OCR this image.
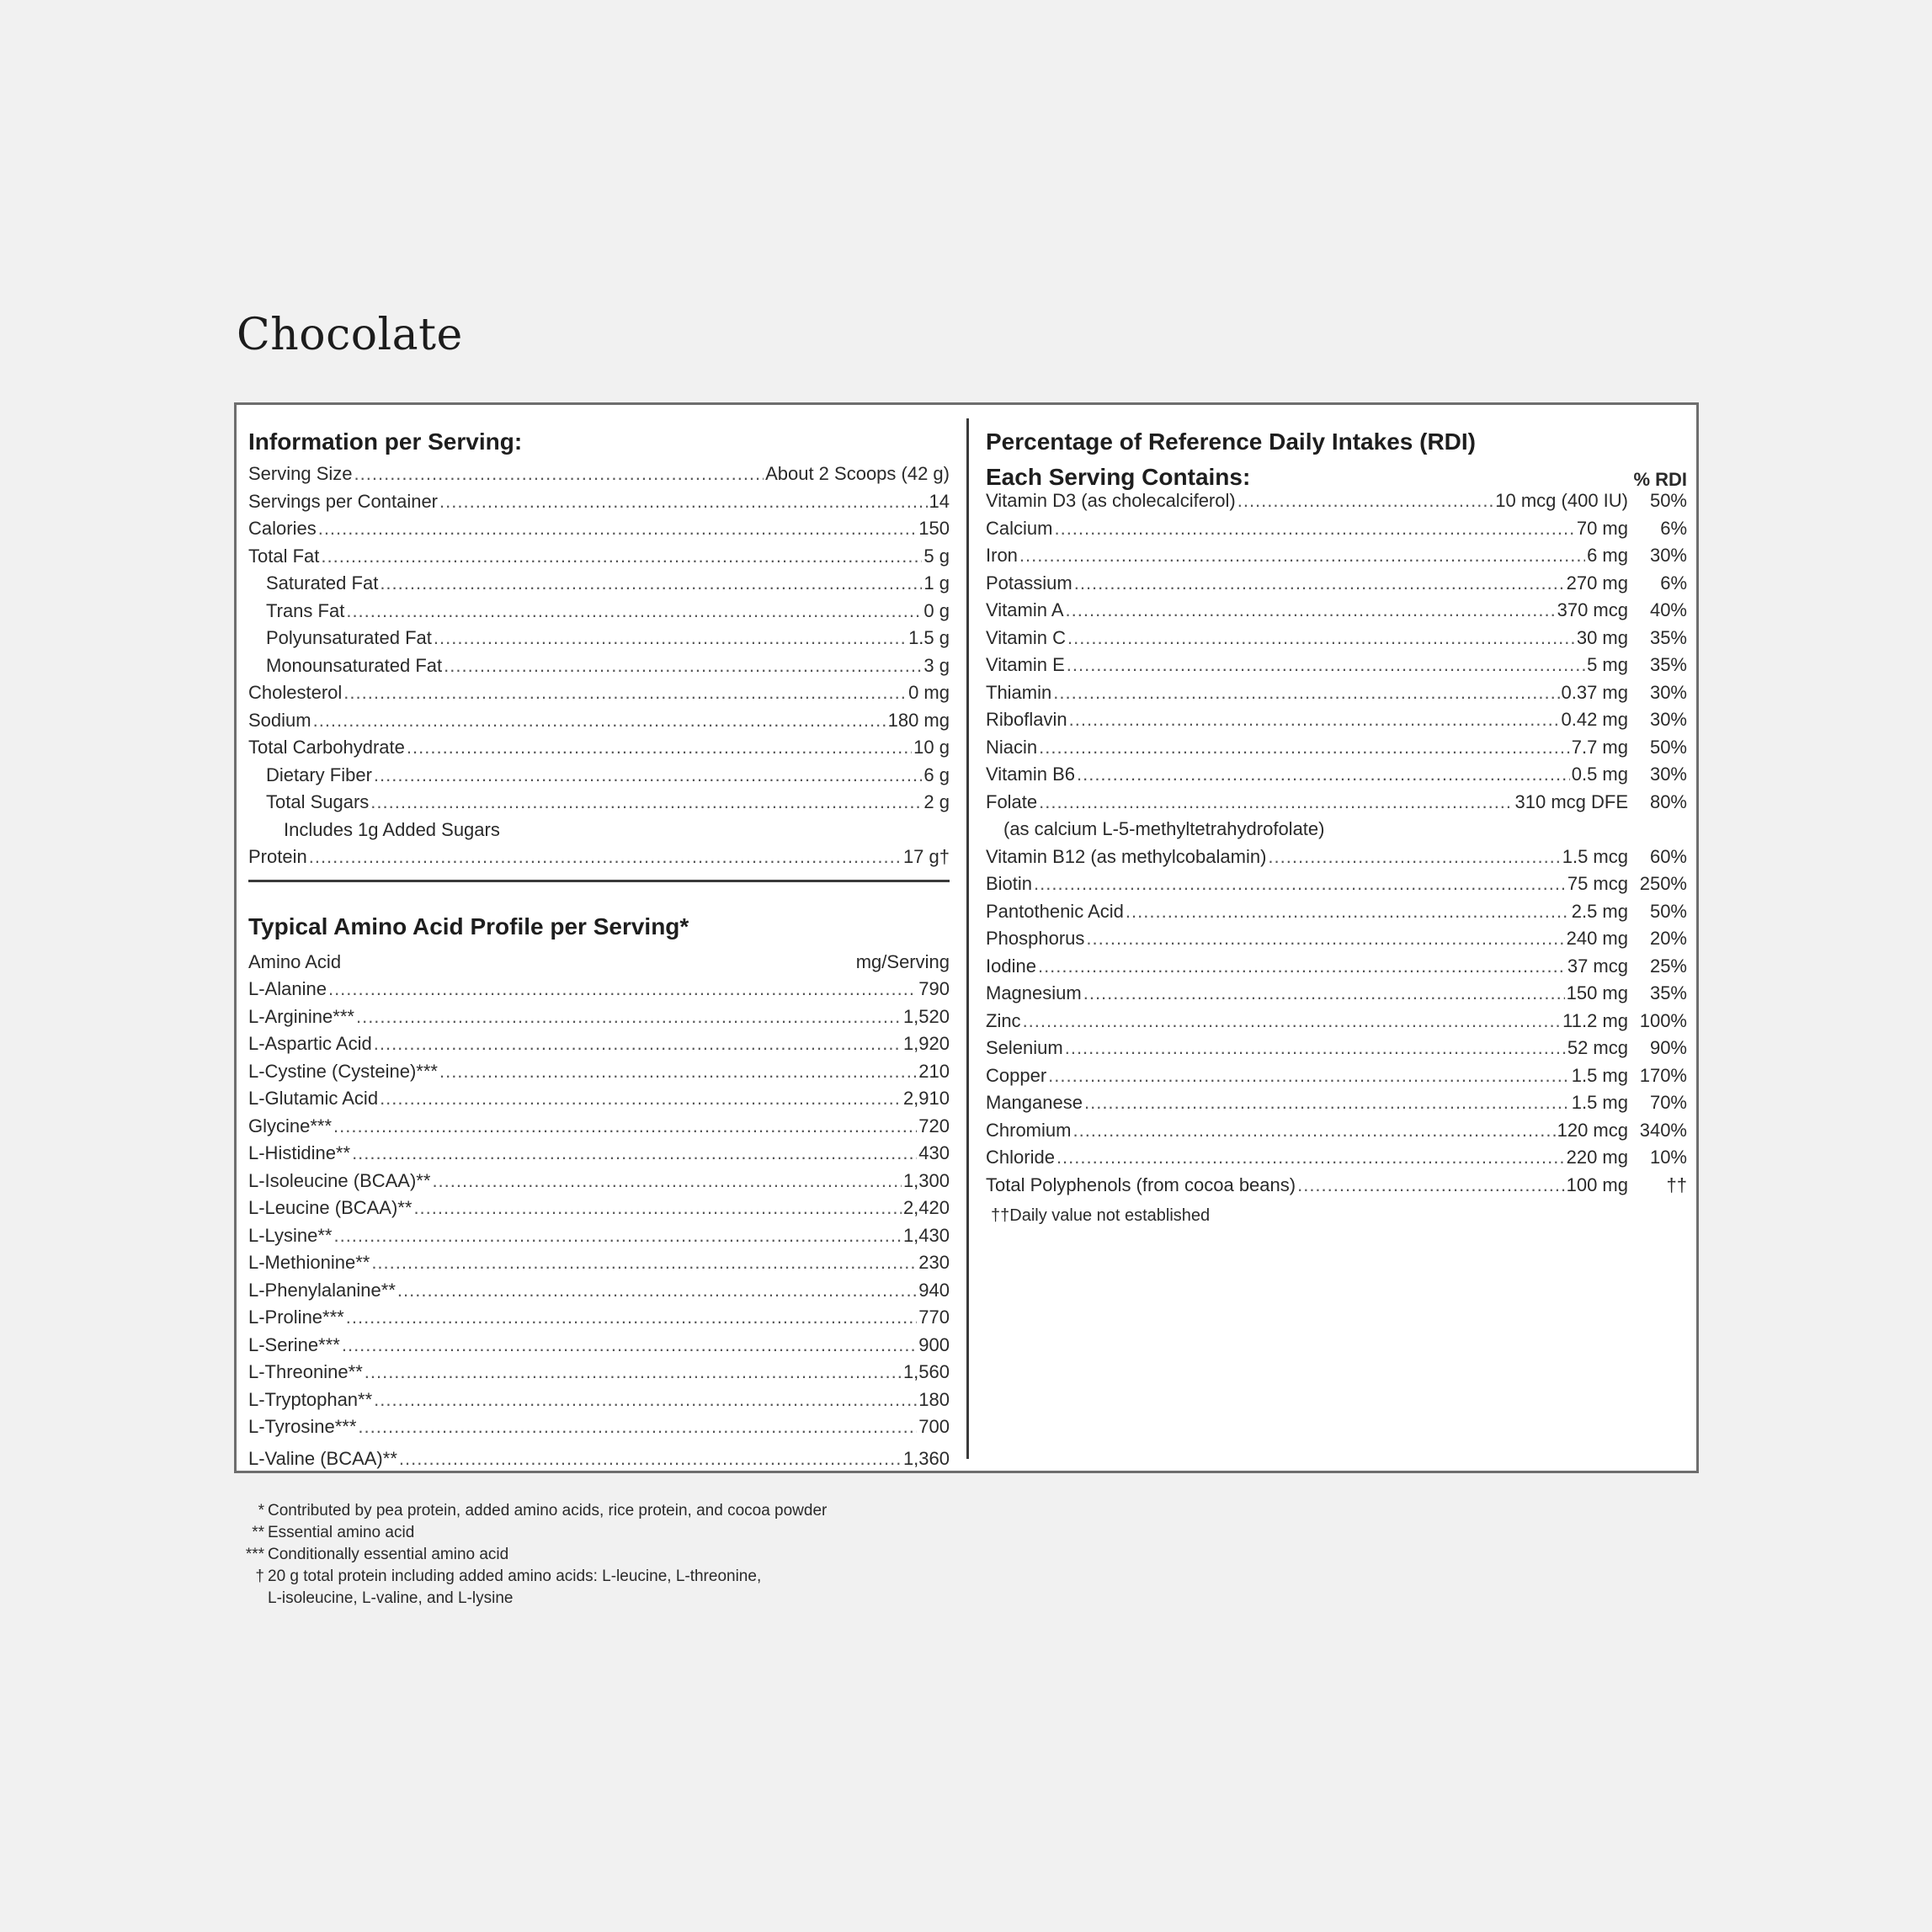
Chocolate
Information per Serving:
Serving Size .....	About 2 Scoops (42 g)
Servings per Container .....	14
Calories .....	150
Total Fat .....	5 g
Saturated Fat .....	1 g
Trans Fat .....	0 g
Polyunsaturated Fat .....	1.5 g
Monounsaturated Fat .....	3 g
Cholesterol .....	0 mg
Sodium .....	180 mg
Total Carbohydrate .....	10 g
Dietary Fiber .....	6 g
Total Sugars .....	2 g
Includes 1g Added Sugars
Protein .....	17 g†
Typical Amino Acid Profile per Serving*
Amino Acid	mg/Serving
L-Alanine .....	790
L-Arginine*** .....	1,520
L-Aspartic Acid .....	1,920
L-Cystine (Cysteine)*** .....	210
L-Glutamic Acid .....	2,910
Glycine*** .....	720
L-Histidine** .....	430
L-Isoleucine (BCAA)** .....	1,300
L-Leucine (BCAA)** .....	2,420
L-Lysine** .....	1,430
L-Methionine** .....	230
L-Phenylalanine** .....	940
L-Proline*** .....	770
L-Serine*** .....	900
L-Threonine** .....	1,560
L-Tryptophan** .....	180
L-Tyrosine*** .....	700
L-Valine (BCAA)** .....	1,360
Percentage of Reference Daily Intakes (RDI)
Each Serving Contains:	% RDI
Vitamin D3 (as cholecalciferol) .....	10 mcg (400 IU)	50%
Calcium .....	70 mg	6%
Iron .....	6 mg	30%
Potassium .....	270 mg	6%
Vitamin A .....	370 mcg	40%
Vitamin C .....	30 mg	35%
Vitamin E .....	5 mg	35%
Thiamin .....	0.37 mg	30%
Riboflavin .....	0.42 mg	30%
Niacin .....	7.7 mg	50%
Vitamin B6 .....	0.5 mg	30%
Folate .....	310 mcg DFE	80%
(as calcium L-5-methyltetrahydrofolate)
Vitamin B12 (as methylcobalamin) .....	1.5 mcg	60%
Biotin .....	75 mcg 250%
Pantothenic Acid .....	2.5 mg	50%
Phosphorus .....	240 mg	20%
Iodine .....	37 mcg	25%
Magnesium .....	150 mg	35%
Zinc .....	11.2 mg 100%
Selenium .....	52 mcg	90%
Copper .....	1.5 mg 170%
Manganese .....	1.5 mg	70%
Chromium .....	120 mcg 340%
Chloride .....	220 mg	10%
Total Polyphenols (from cocoa beans) .....	100 mg	††
††Daily value not established
* Contributed by pea protein, added amino acids, rice protein, and cocoa powder
** Essential amino acid
*** Conditionally essential amino acid
† 20 g total protein including added amino acids: L-leucine, L-threonine,
L-isoleucine, L-valine, and L-lysine
